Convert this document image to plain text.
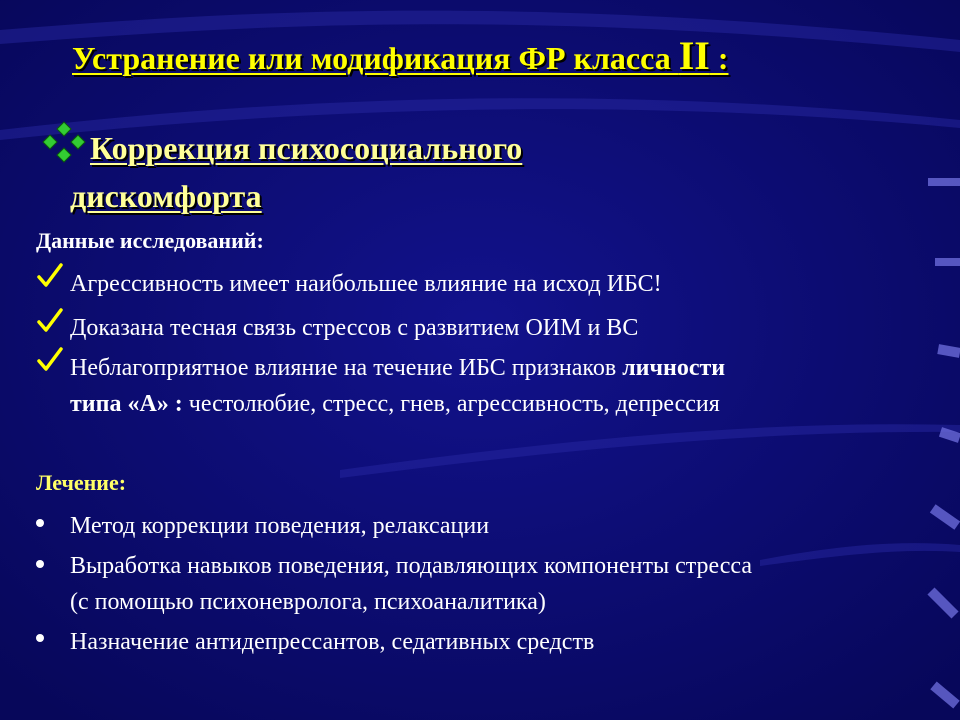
Устранение или модификация ФР класса II :
Коррекция психосоциального дискомфорта
Данные исследований:
Агрессивность имеет наибольшее влияние на исход ИБС!
Доказана тесная связь стрессов с развитием ОИМ и ВС
Неблагоприятное влияние на течение ИБС признаков личности
типа «А» : честолюбие, стресс, гнев, агрессивность, депрессия
Лечение:
Метод коррекции поведения, релаксации
Выработка навыков поведения, подавляющих компоненты стресса
(с помощью психоневролога, психоаналитика)
Назначение антидепрессантов, седативных средств
